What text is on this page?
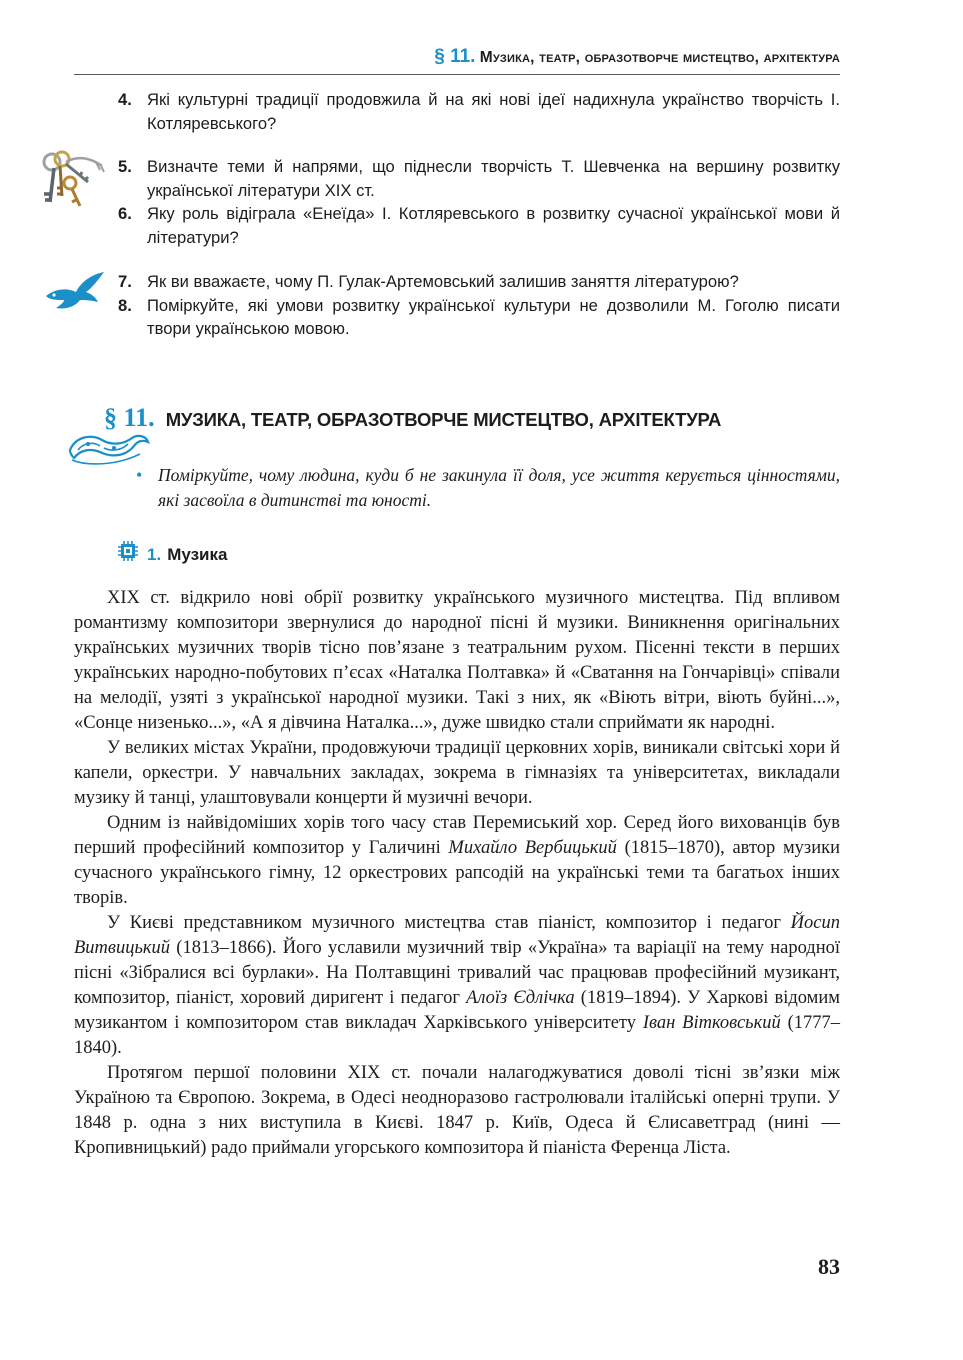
§ 11. Музика, театр, образотворче мистецтво, архітектура
4. Які культурні традиції продовжила й на які нові ідеї надихнула українство творчість І. Котляревського?
5. Визначте теми й напрями, що піднесли творчість Т. Шевченка на вершину розвитку української літератури XIX ст.
6. Яку роль відіграла «Енеїда» І. Котляревського в розвитку сучасної української мови й літератури?
7. Як ви вважаєте, чому П. Гулак-Артемовський залишив заняття літературою?
8. Поміркуйте, які умови розвитку української культури не дозволили М. Гоголю писати твори українською мовою.
§ 11. МУЗИКА, ТЕАТР, ОБРАЗОТВОРЧЕ МИСТЕЦТВО, АРХІТЕКТУРА
• Поміркуйте, чому людина, куди б не закинула її доля, усе життя керується цінностями, які засвоїла в дитинстві та юності.
1. Музика

XIX ст. відкрило нові обрії розвитку українського музичного мистецтва. Під впливом романтизму композитори звернулися до народної пісні й музики. Виникнення оригінальних українських музичних творів тісно пов’язане з театральним рухом. Пісенні тексти в перших українських народно-побутових п’єсах «Наталка Полтавка» й «Сватання на Гончарівці» співали на мелодії, узяті з української народної музики. Такі з них, як «Віють вітри, віють буйні...», «Сонце низенько...», «А я дівчина Наталка...», дуже швидко стали сприймати як народні.

У великих містах України, продовжуючи традиції церковних хорів, виникали світські хори й капели, оркестри. У навчальних закладах, зокрема в гімназіях та університетах, викладали музику й танці, улаштовували концерти й музичні вечори.

Одним із найвідоміших хорів того часу став Перемиський хор. Серед його вихованців був перший професійний композитор у Галичині Михайло Вербицький (1815–1870), автор музики сучасного українського гімну, 12 оркестрових рапсодій на українські теми та багатьох інших творів.

У Києві представником музичного мистецтва став піаніст, композитор і педагог Йосип Витвицький (1813–1866). Його уславили музичний твір «Україна» та варіації на тему народної пісні «Зібралися всі бурлаки». На Полтавщині тривалий час працював професійний музикант, композитор, піаніст, хоровий диригент і педагог Алоїз Єдлічка (1819–1894). У Харкові відомим музикантом і композитором став викладач Харківського університету Іван Вітковський (1777–1840).

Протягом першої половини XIX ст. почали налагоджуватися доволі тісні зв’язки між Україною та Європою. Зокрема, в Одесі неодноразово гастролювали італійські оперні трупи. У 1848 р. одна з них виступила в Києві. 1847 р. Київ, Одеса й Єлисаветград (нині — Кропивницький) радо приймали угорського композитора й піаніста Ференца Ліста.

83
